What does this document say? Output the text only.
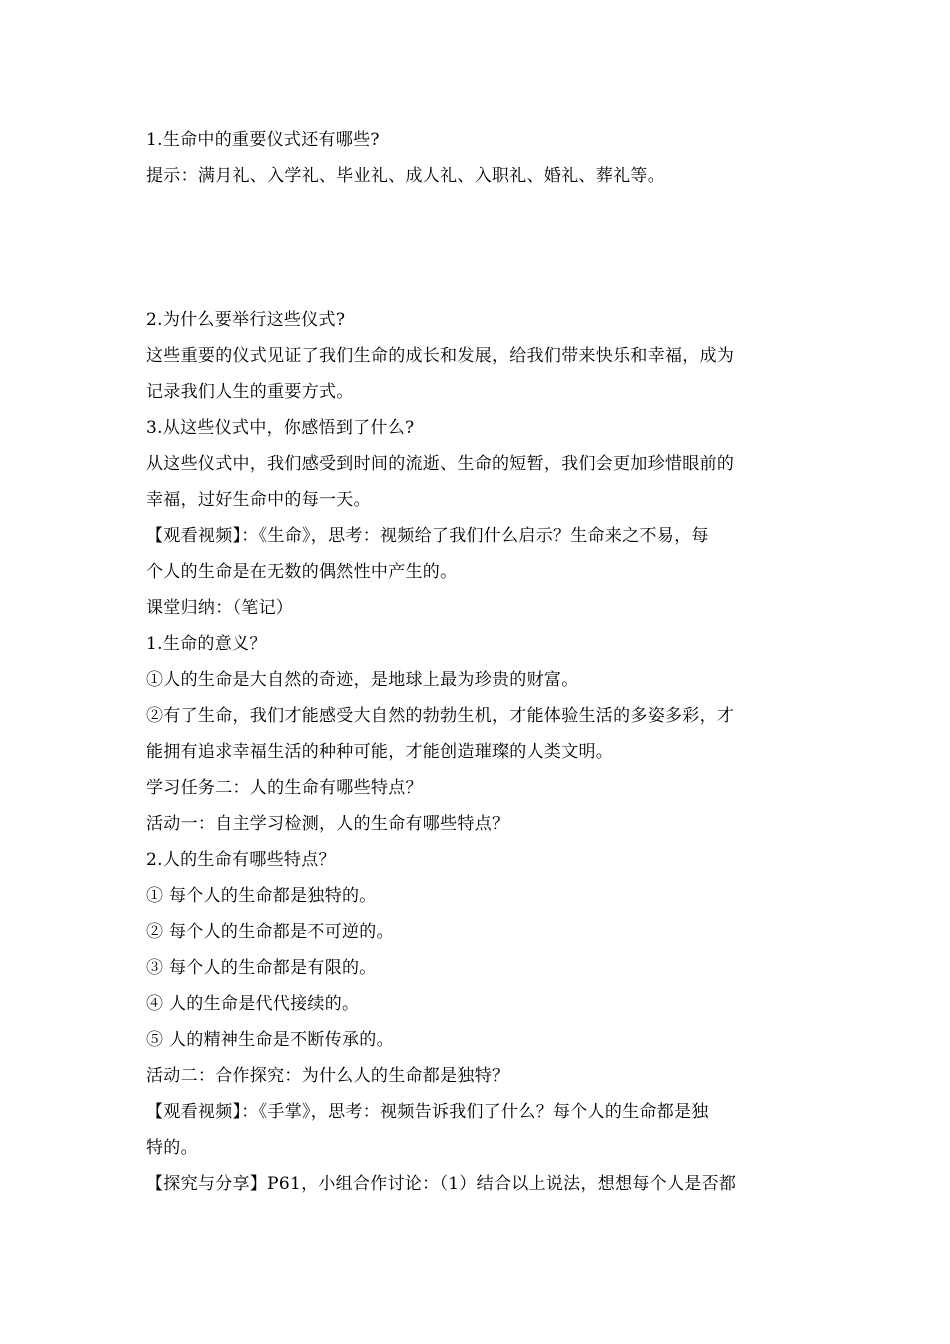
1.生命中的重要仪式还有哪些?
提示：满月礼、入学礼、毕业礼、成人礼、入职礼、婚礼、葬礼等。
2.为什么要举行这些仪式?
这些重要的仪式见证了我们生命的成长和发展，给我们带来快乐和幸福，成为
记录我们人生的重要方式。
3.从这些仪式中，你感悟到了什么?
从这些仪式中，我们感受到时间的流逝、生命的短暂，我们会更加珍惜眼前的
幸福，过好生命中的每一天。
【观看视频】：《生命》，思考：视频给了我们什么启示？生命来之不易，每
个人的生命是在无数的偶然性中产生的。
课堂归纳：（笔记）
1.生命的意义？
①人的生命是大自然的奇迹，是地球上最为珍贵的财富。
②有了生命，我们才能感受大自然的勃勃生机，才能体验生活的多姿多彩，才
能拥有追求幸福生活的种种可能，才能创造璀璨的人类文明。
学习任务二：人的生命有哪些特点？
活动一：自主学习检测，人的生命有哪些特点？
2.人的生命有哪些特点？
① 每个人的生命都是独特的。
② 每个人的生命都是不可逆的。
③ 每个人的生命都是有限的。
④ 人的生命是代代接续的。
⑤ 人的精神生命是不断传承的。
活动二：合作探究：为什么人的生命都是独特？
【观看视频】：《手掌》，思考：视频告诉我们了什么？每个人的生命都是独
特的。
【探究与分享】P61，小组合作讨论：（1）结合以上说法，想想每个人是否都
